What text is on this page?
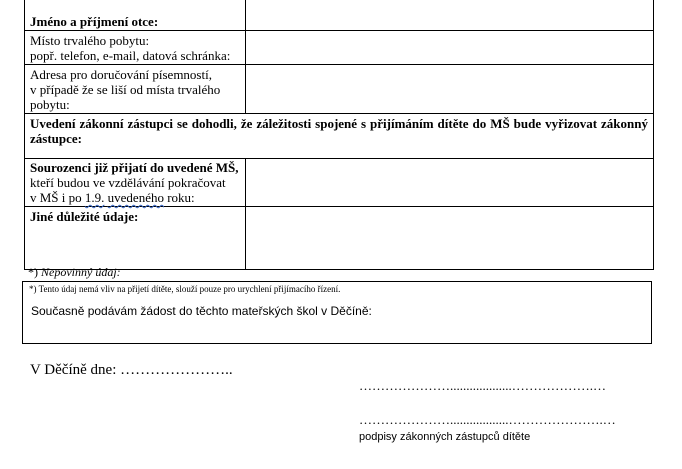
Jméno a příjmení otce:	

Místo trvalého pobytu:
popř. telefon, e-mail, datová schránka:	

Adresa pro doručování písemností,
v případě že se liší od místa trvalého
pobytu:	

Uvedení zákonní zástupci se dohodli, že záležitosti spojené s přijímáním dítěte do MŠ bude vyřizovat zákonný zástupce:	

Sourozenci již přijatí do uvedené MŠ,
kteří budou ve vzdělávání pokračovat
v MŠ i po 1.9. uvedeného roku:	

Jiné důležité údaje:	
*) Nepovinný údaj:
*) Tento údaj nemá vliv na přijetí dítěte, slouží pouze pro urychlení přijímacího řízení.
Současně podávám žádost do těchto mateřských škol v Děčíně:
V Děčíně dne: …………………..
…………………...................……………….…
…………………..................………………….…
podpisy zákonných zástupců dítěte
